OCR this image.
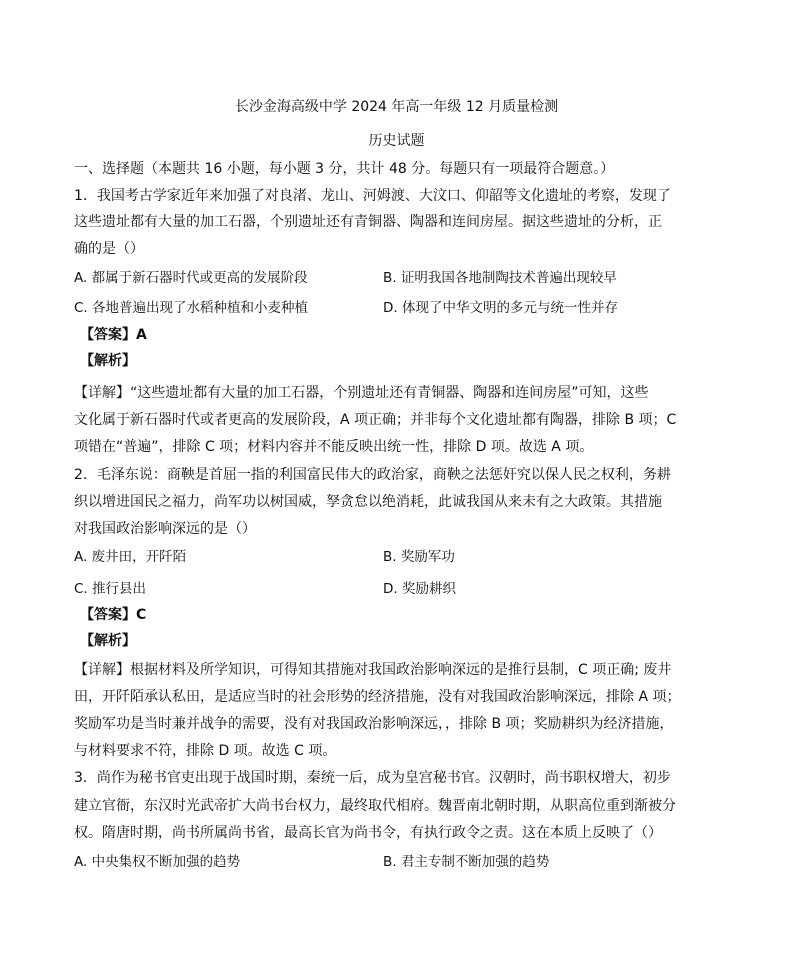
长沙金海高级中学 2024 年高一年级 12 月质量检测
历史试题
一、选择题（本题共 16 小题，每小题 3 分，共计 48 分。每题只有一项最符合题意。）
1．我国考古学家近年来加强了对良渚、龙山、河姆渡、大汶口、仰韶等文化遗址的考察，发现了
这些遗址都有大量的加工石器，个别遗址还有青铜器、陶器和连间房屋。据这些遗址的分析，正
确的是（）
A. 都属于新石器时代或更高的发展阶段	B. 证明我国各地制陶技术普遍出现较早
C. 各地普遍出现了水稻种植和小麦种植	D. 体现了中华文明的多元与统一性并存
【答案】A
【解析】
【详解】“这些遗址都有大量的加工石器，个别遗址还有青铜器、陶器和连间房屋”可知，这些
文化属于新石器时代或者更高的发展阶段，A 项正确；并非每个文化遗址都有陶器，排除 B 项；C
项错在“普遍”，排除 C 项；材料内容并不能反映出统一性，排除 D 项。故选 A 项。
2．毛泽东说：商鞅是首屈一指的利国富民伟大的政治家，商鞅之法惩奸究以保人民之权利，务耕
织以增进国民之福力，尚军功以树国威，孥贪怠以绝消耗，此诚我国从来未有之大政策。其措施
对我国政治影响深远的是（）
A. 废井田，开阡陌	B. 奖励军功
C. 推行县出	D. 奖励耕织
【答案】C
【解析】
【详解】根据材料及所学知识，可得知其措施对我国政治影响深远的是推行县制，C 项正确; 废井
田，开阡陌承认私田，是适应当时的社会形势的经济措施，没有对我国政治影响深远，排除 A 项；
奖励军功是当时兼并战争的需要，没有对我国政治影响深远，，排除 B 项；奖励耕织为经济措施，
与材料要求不符，排除 D 项。故选 C 项。
3．尚作为秘书官吏出现于战国时期，秦统一后，成为皇宫秘书官。汉朝时，尚书职权增大，初步
建立官衙，东汉时光武帝扩大尚书台权力，最终取代相府。魏晋南北朝时期，从职高位重到渐被分
权。隋唐时期，尚书所属尚书省，最高长官为尚书令，有执行政令之责。这在本质上反映了（）
A. 中央集权不断加强的趋势	B. 君主专制不断加强的趋势
